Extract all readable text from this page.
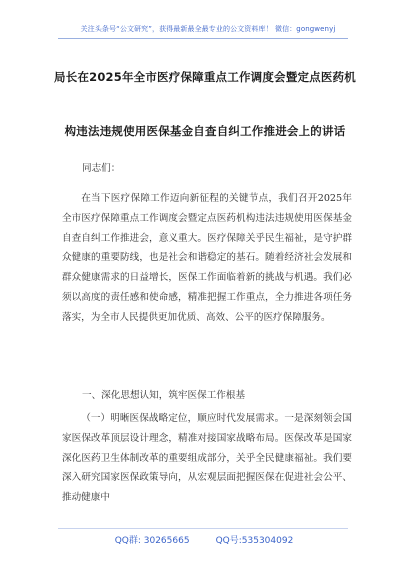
关注头条号“公文研究”，获得最新最全最专业的公文资料库！ 微信：gongwenyj
局长在2025年全市医疗保障重点工作调度会暨定点医药机
构违法违规使用医保基金自查自纠工作推进会上的讲话
同志们：

在当下医疗保障工作迈向新征程的关键节点，我们召开2025年全市医疗保障重点工作调度会暨定点医药机构违法违规使用医保基金自查自纠工作推进会，意义重大。医疗保障关乎民生福祉，是守护群众健康的重要防线，也是社会和谐稳定的基石。随着经济社会发展和群众健康需求的日益增长，医保工作面临着新的挑战与机遇。我们必须以高度的责任感和使命感，精准把握工作重点，全力推进各项任务落实，为全市人民提供更加优质、高效、公平的医疗保障服务。

一、深化思想认知，筑牢医保工作根基

（一）明晰医保战略定位，顺应时代发展需求。一是深刻领会国家医保改革顶层设计理念，精准对接国家战略布局。医保改革是国家深化医药卫生体制改革的重要组成部分，关乎全民健康福祉。我们要深入研究国家医保政策导向，从宏观层面把握医保在促进社会公平、推动健康中

QQ群: 30265665	QQ号:535304092
